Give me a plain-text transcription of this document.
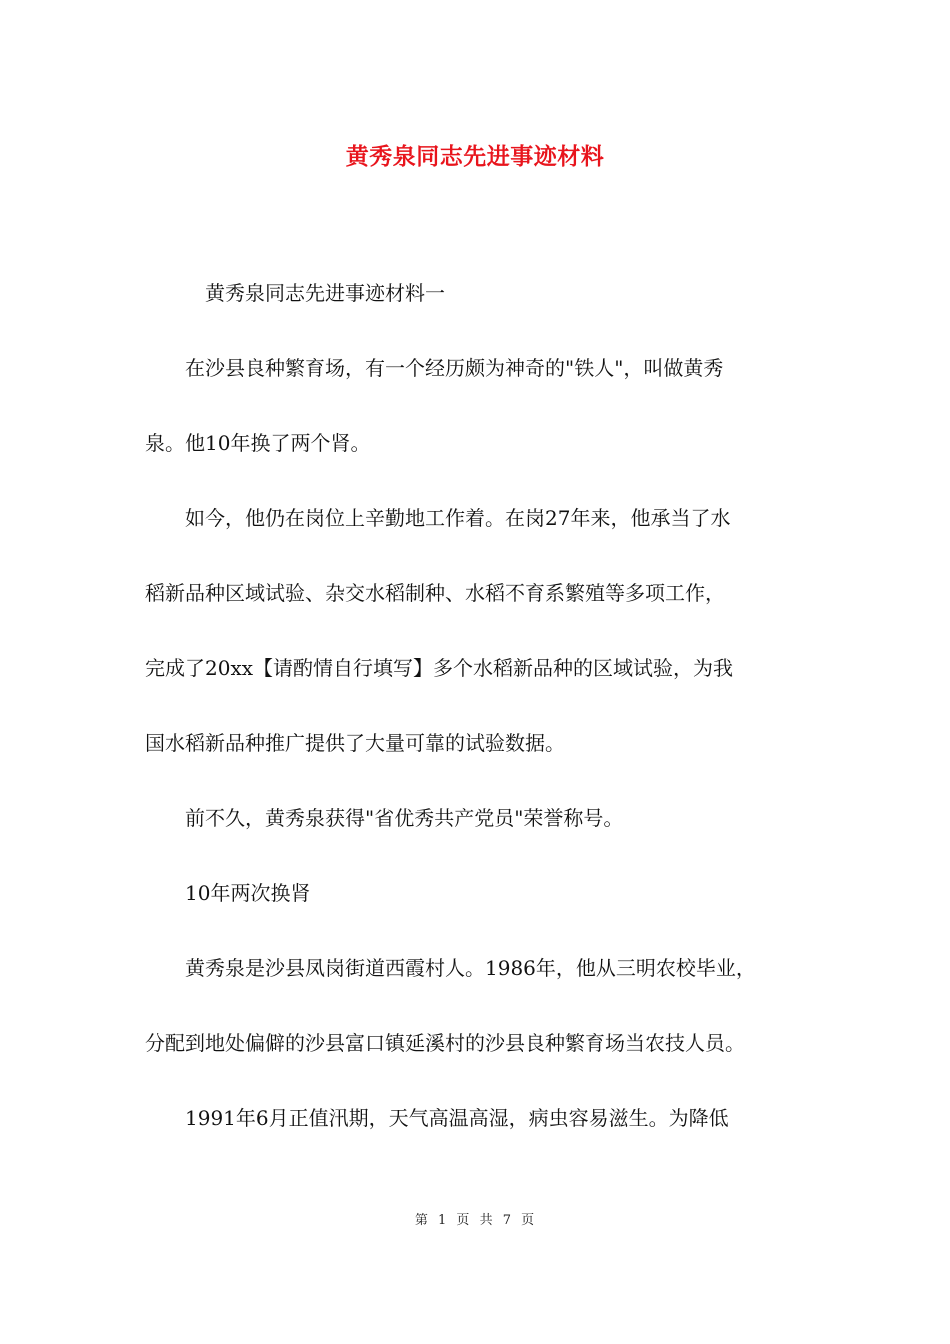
黄秀泉同志先进事迹材料

　　　黄秀泉同志先进事迹材料一

　　在沙县良种繁育场，有一个经历颇为神奇的"铁人"，叫做黄秀

泉。他10年换了两个肾。

　　如今，他仍在岗位上辛勤地工作着。在岗27年来，他承当了水

稻新品种区域试验、杂交水稻制种、水稻不育系繁殖等多项工作，

完成了20xx【请酌情自行填写】多个水稻新品种的区域试验，为我

国水稻新品种推广提供了大量可靠的试验数据。

　　前不久，黄秀泉获得"省优秀共产党员"荣誉称号。

　　10年两次换肾

　　黄秀泉是沙县凤岗街道西霞村人。1986年，他从三明农校毕业，

分配到地处偏僻的沙县富口镇延溪村的沙县良种繁育场当农技人员。

　　1991年6月正值汛期，天气高温高湿，病虫容易滋生。为降低

第 1 页 共 7 页
